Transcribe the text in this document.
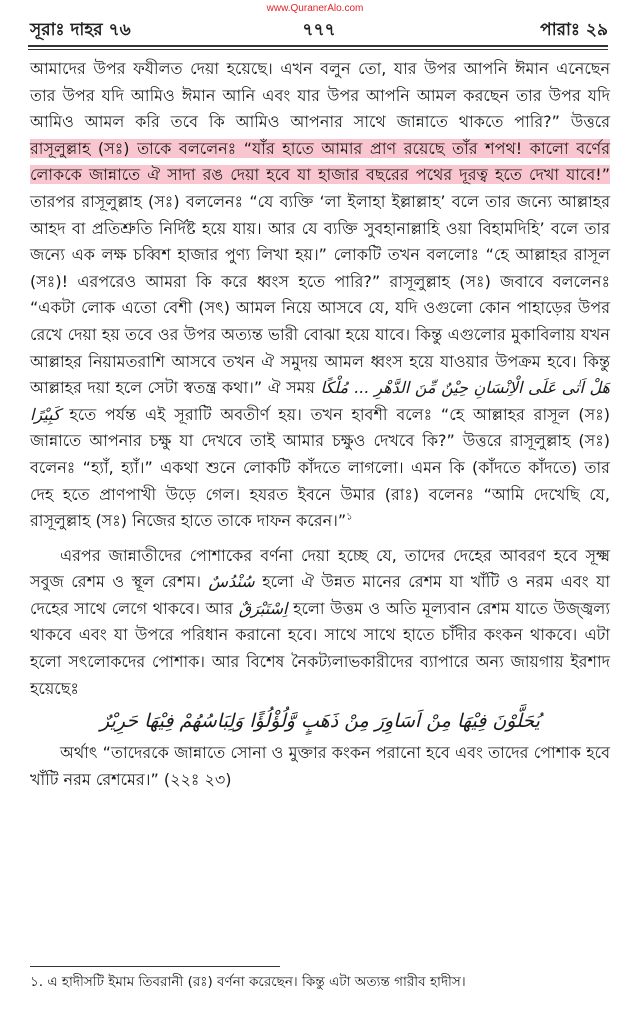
www.QuranerAlo.com
সূরাঃ দাহর ৭৬	৭৭৭	পারাঃ ২৯

আমাদের উপর ফযীলত দেয়া হয়েছে। এখন বলুন তো, যার উপর আপনি ঈমান এনেছেন তার উপর যদি আমিও ঈমান আনি এবং যার উপর আপনি আমল করছেন তার উপর যদি আমিও আমল করি তবে কি আমিও আপনার সাথে জান্নাতে থাকতে পারি?” উত্তরে রাসূলুল্লাহ (সঃ) তাকে বললেনঃ “যাঁর হাতে আমার প্রাণ রয়েছে তাঁর শপথ! কালো বর্ণের লোককে জান্নাতে ঐ সাদা রঙ দেয়া হবে যা হাজার বছরের পথের দূরত্ব হতে দেখা যাবে!” তারপর রাসূলুল্লাহ (সঃ) বললেনঃ “যে ব্যক্তি ‘লা ইলাহা ইল্লাল্লাহ’ বলে তার জন্যে আল্লাহর আহদ বা প্রতিশ্রুতি নির্দিষ্ট হয়ে যায়। আর যে ব্যক্তি সুবহানাল্লাহি ওয়া বিহামদিহি’ বলে তার জন্যে এক লক্ষ চব্বিশ হাজার পুণ্য লিখা হয়।” লোকটি তখন বললোঃ “হে আল্লাহর রাসূল (সঃ)! এরপরেও আমরা কি করে ধ্বংস হতে পারি?” রাসূলুল্লাহ (সঃ) জবাবে বললেনঃ “একটা লোক এতো বেশী (সৎ) আমল নিয়ে আসবে যে, যদি ওগুলো কোন পাহাড়ের উপর রেখে দেয়া হয় তবে ওর উপর অত্যন্ত ভারী বোঝা হয়ে যাবে। কিন্তু এগুলোর মুকাবিলায় যখন আল্লাহর নিয়ামতরাশি আসবে তখন ঐ সমুদয় আমল ধ্বংস হয়ে যাওয়ার উপক্রম হবে। কিন্তু আল্লাহর দয়া হলে সেটা স্বতন্ত্র কথা।” ঐ সময় هَلْ اَتٰى عَلَى الْاِنْسَانِ حِيْنٌ مِّنَ الدَّهْرِ ... مُلْكًا كَبِيْرًا হতে পর্যন্ত এই সূরাটি অবতীর্ণ হয়। তখন হাবশী বলেঃ “হে আল্লাহর রাসূল (সঃ) জান্নাতে আপনার চক্ষু যা দেখবে তাই আমার চক্ষুও দেখবে কি?” উত্তরে রাসূলুল্লাহ (সঃ) বলেনঃ “হ্যাঁ, হ্যাঁ।” একথা শুনে লোকটি কাঁদতে লাগলো। এমন কি (কাঁদতে কাঁদতে) তার দেহ হতে প্রাণপাখী উড়ে গেল। হযরত ইবনে উমার (রাঃ) বলেনঃ “আমি দেখেছি যে, রাসূলুল্লাহ (সঃ) নিজের হাতে তাকে দাফন করেন।”$^১$

এরপর জান্নাতীদের পোশাকের বর্ণনা দেয়া হচ্ছে যে, তাদের দেহের আবরণ হবে সূক্ষ্ম সবুজ রেশম ও স্থূল রেশম। سُنْدُسٌ হলো ঐ উন্নত মানের রেশম যা খাঁটি ও নরম এবং যা দেহের সাথে লেগে থাকবে। আর اِسْتَبْرَقٌ হলো উত্তম ও অতি মূল্যবান রেশম যাতে উজ্জ্বল্য থাকবে এবং যা উপরে পরিধান করানো হবে। সাথে সাথে হাতে চাঁদীর কংকন থাকবে। এটা হলো সৎলোকদের পোশাক। আর বিশেষ নৈকট্যলাভকারীদের ব্যাপারে অন্য জায়গায় ইরশাদ হয়েছেঃ

يُحَلَّوْنَ فِيْهَا مِنْ اَسَاوِرَ مِنْ ذَهَبٍ وَّلُؤْلُؤًا وَلِبَاسُهُمْ فِيْهَا حَرِيْرٌ

অর্থাৎ “তাদেরকে জান্নাতে সোনা ও মুক্তার কংকন পরানো হবে এবং তাদের পোশাক হবে খাঁটি নরম রেশমের।” (২২ঃ ২৩)

১. এ হাদীসটি ইমাম তিবরানী (রঃ) বর্ণনা করেছেন। কিন্তু এটা অত্যন্ত গারীব হাদীস।
